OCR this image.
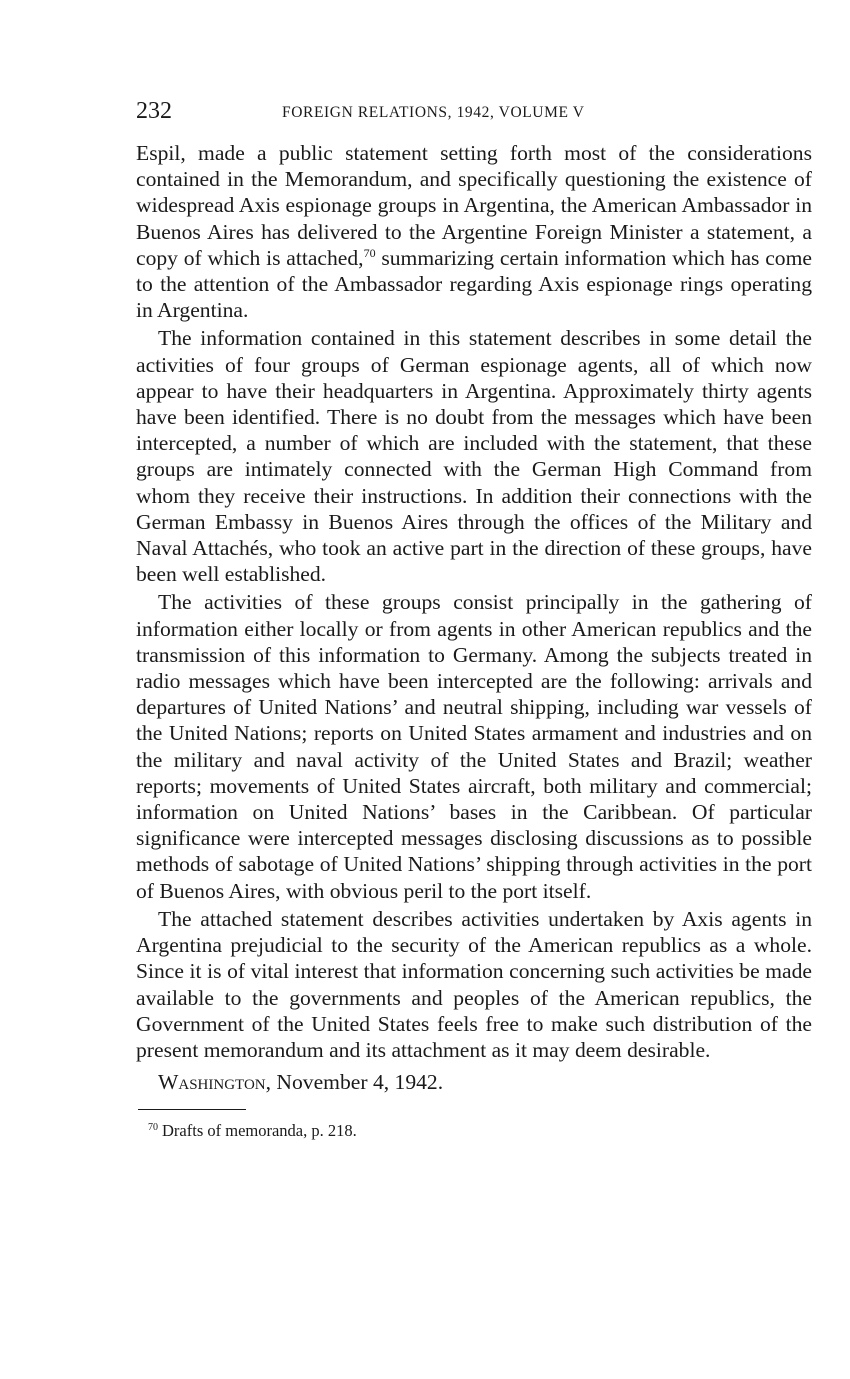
232	FOREIGN RELATIONS, 1942, VOLUME V

Espil, made a public statement setting forth most of the considerations contained in the Memorandum, and specifically questioning the existence of widespread Axis espionage groups in Argentina, the American Ambassador in Buenos Aires has delivered to the Argentine Foreign Minister a statement, a copy of which is attached,$^{70}$ summarizing certain information which has come to the attention of the Ambassador regarding Axis espionage rings operating in Argentina.

The information contained in this statement describes in some detail the activities of four groups of German espionage agents, all of which now appear to have their headquarters in Argentina. Approximately thirty agents have been identified. There is no doubt from the messages which have been intercepted, a number of which are included with the statement, that these groups are intimately connected with the German High Command from whom they receive their instructions. In addition their connections with the German Embassy in Buenos Aires through the offices of the Military and Naval Attachés, who took an active part in the direction of these groups, have been well established.

The activities of these groups consist principally in the gathering of information either locally or from agents in other American republics and the transmission of this information to Germany. Among the subjects treated in radio messages which have been intercepted are the following: arrivals and departures of United Nations’ and neutral shipping, including war vessels of the United Nations; reports on United States armament and industries and on the military and naval activity of the United States and Brazil; weather reports; movements of United States aircraft, both military and commercial; information on United Nations’ bases in the Caribbean. Of particular significance were intercepted messages disclosing discussions as to possible methods of sabotage of United Nations’ shipping through activities in the port of Buenos Aires, with obvious peril to the port itself.

The attached statement describes activities undertaken by Axis agents in Argentina prejudicial to the security of the American republics as a whole. Since it is of vital interest that information concerning such activities be made available to the governments and peoples of the American republics, the Government of the United States feels free to make such distribution of the present memorandum and its attachment as it may deem desirable.

Washington, November 4, 1942.
$^{70}$ Drafts of memoranda, p. 218.
